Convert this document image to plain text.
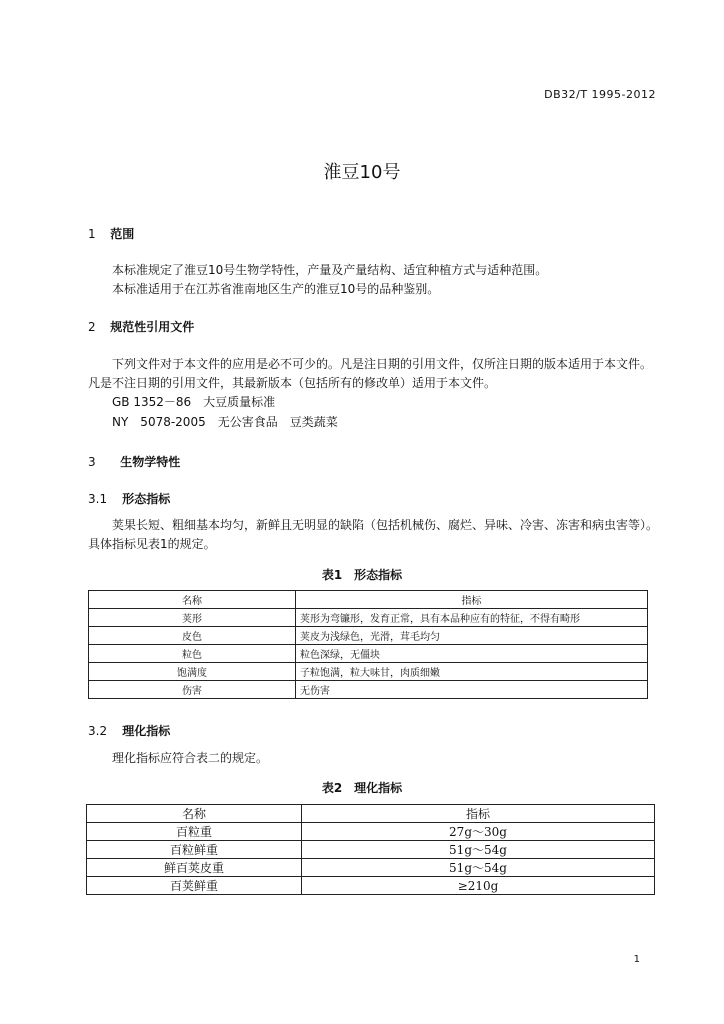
DB32/T 1995-2012
淮豆10号
1 范围
本标准规定了淮豆10号生物学特性，产量及产量结构、适宜种植方式与适种范围。
本标准适用于在江苏省淮南地区生产的淮豆10号的品种鉴别。
2 规范性引用文件
下列文件对于本文件的应用是必不可少的。凡是注日期的引用文件，仅所注日期的版本适用于本文件。凡是不注日期的引用文件，其最新版本（包括所有的修改单）适用于本文件。
GB 1352－86　大豆质量标准
NY　5078-2005　无公害食品　豆类蔬菜
3 生物学特性
3.1 形态指标
荚果长短、粗细基本均匀，新鲜且无明显的缺陷（包括机械伤、腐烂、异味、冷害、冻害和病虫害等）。具体指标见表1的规定。
表1　形态指标
名称	指标
荚形	荚形为弯镰形，发育正常，具有本品种应有的特征，不得有畸形
皮色	荚皮为浅绿色，光滑，茸毛均匀
粒色	粒色深绿，无僵块
饱满度	子粒饱满，粒大味甘，肉质细嫩
伤害	无伤害
3.2 理化指标
理化指标应符合表二的规定。
表2　理化指标
名称	指标
百粒重	27g～30g
百粒鲜重	51g～54g
鲜百荚皮重	51g～54g
百荚鲜重	≥210g
1
